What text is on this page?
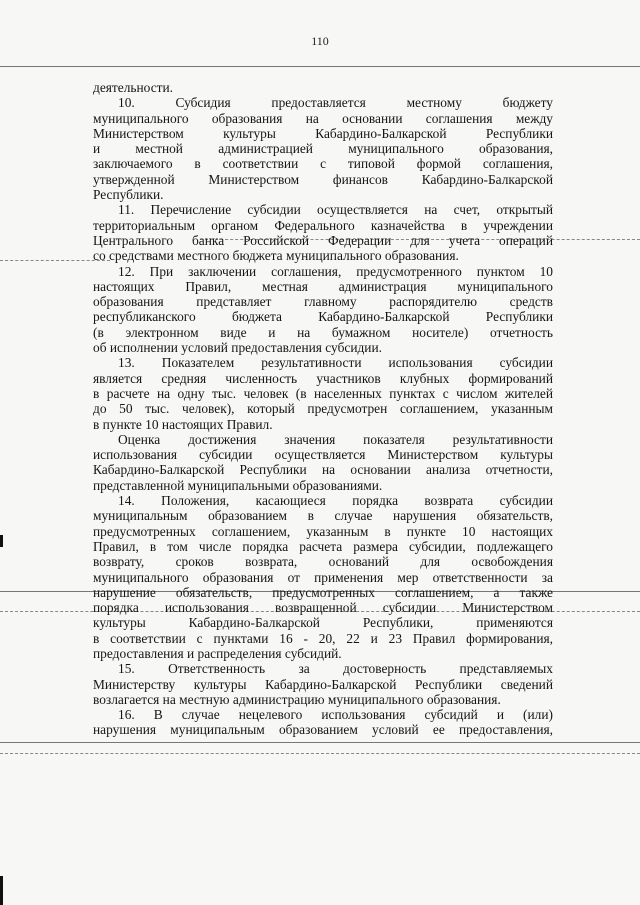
110

деятельности.

10. Субсидия предоставляется местному бюджету

муниципального образования на основании соглашения между

Министерством культуры Кабардино-Балкарской Республики

и местной администрацией муниципального образования,

заключаемого в соответствии с типовой формой соглашения,

утвержденной Министерством финансов Кабардино-Балкарской

Республики.

11. Перечисление субсидии осуществляется на счет, открытый

территориальным органом Федерального казначейства в учреждении

Центрального банка Российской Федерации для учета операций

со средствами местного бюджета муниципального образования.

12. При заключении соглашения, предусмотренного пунктом 10

настоящих Правил, местная администрация муниципального

образования представляет главному распорядителю средств

республиканского бюджета Кабардино-Балкарской Республики

(в электронном виде и на бумажном носителе) отчетность

об исполнении условий предоставления субсидии.

13. Показателем результативности использования субсидии

является средняя численность участников клубных формирований

в расчете на одну тыс. человек (в населенных пунктах с числом жителей

до 50 тыс. человек), который предусмотрен соглашением, указанным

в пункте 10 настоящих Правил.

Оценка достижения значения показателя результативности

использования субсидии осуществляется Министерством культуры

Кабардино-Балкарской Республики на основании анализа отчетности,

представленной муниципальными образованиями.

14. Положения, касающиеся порядка возврата субсидии

муниципальным образованием в случае нарушения обязательств,

предусмотренных соглашением, указанным в пункте 10 настоящих

Правил, в том числе порядка расчета размера субсидии, подлежащего

возврату, сроков возврата, оснований для освобождения

муниципального образования от применения мер ответственности за

нарушение обязательств, предусмотренных соглашением, а также

порядка использования возвращенной субсидии Министерством

культуры Кабардино-Балкарской Республики, применяются

в соответствии с пунктами 16 - 20, 22 и 23 Правил формирования,

предоставления и распределения субсидий.

15. Ответственность за достоверность представляемых

Министерству культуры Кабардино-Балкарской Республики сведений

возлагается на местную администрацию муниципального образования.

16. В случае нецелевого использования субсидий и (или)

нарушения муниципальным образованием условий ее предоставления,
